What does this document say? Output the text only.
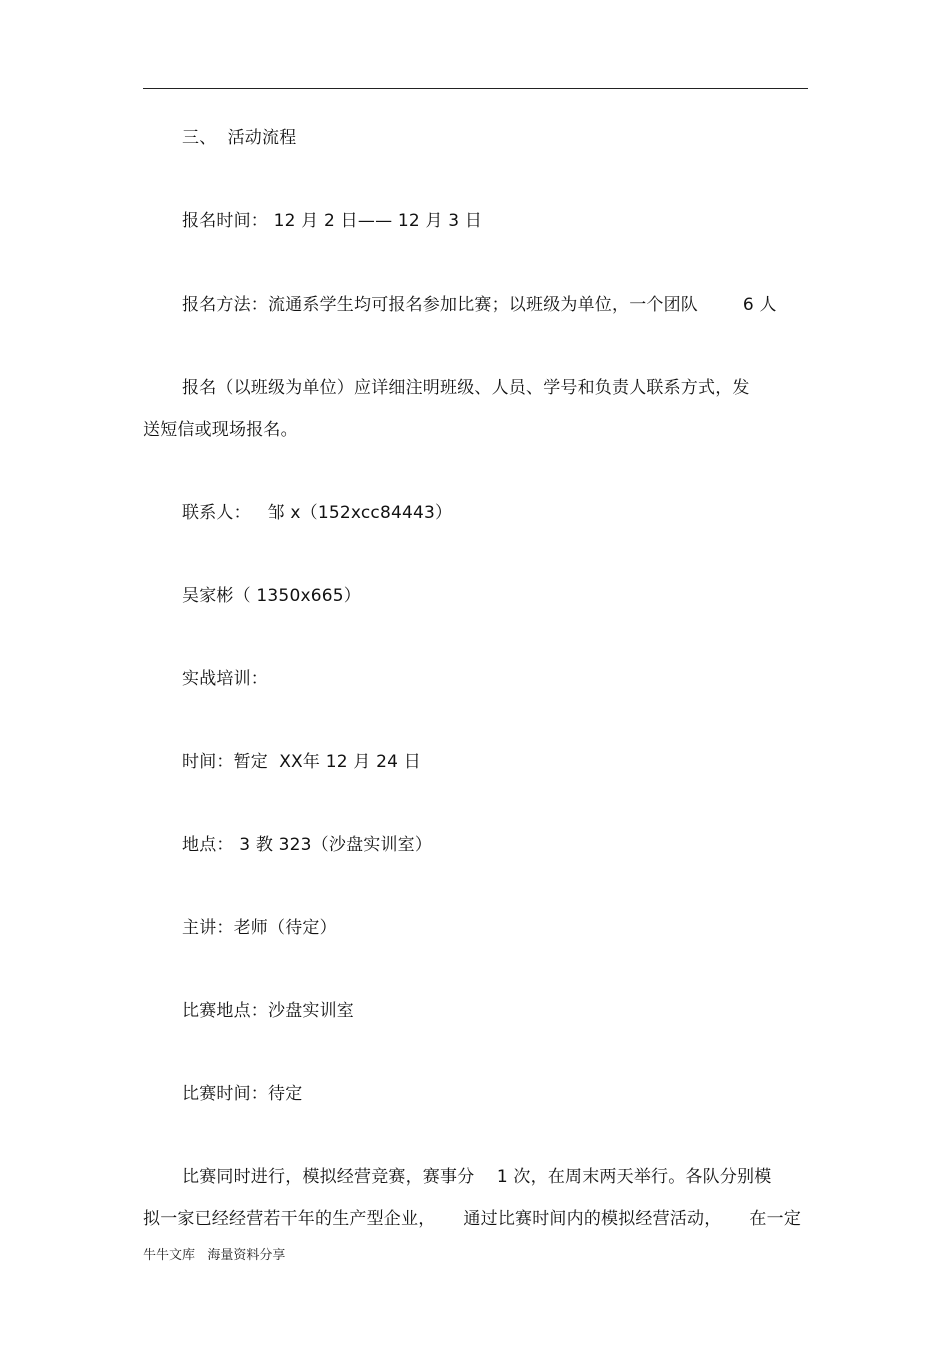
三、  活动流程
报名时间： 12 月 2 日—— 12 月 3 日
报名方法：流通系学生均可报名参加比赛；以班级为单位，一个团队        6 人
报名（以班级为单位）应详细注明班级、人员、学号和负责人联系方式，发
送短信或现场报名。
联系人：   邹 x（152xcc84443）
吴家彬（ 1350x665）
实战培训：
时间：暂定  XX年 12 月 24 日
地点： 3 教 323（沙盘实训室）
主讲：老师（待定）
比赛地点：沙盘实训室
比赛时间：待定
比赛同时进行，模拟经营竞赛，赛事分    1 次，在周末两天举行。各队分别模
拟一家已经经营若干年的生产型企业，     通过比赛时间内的模拟经营活动，     在一定
牛牛文库   海量资料分享
